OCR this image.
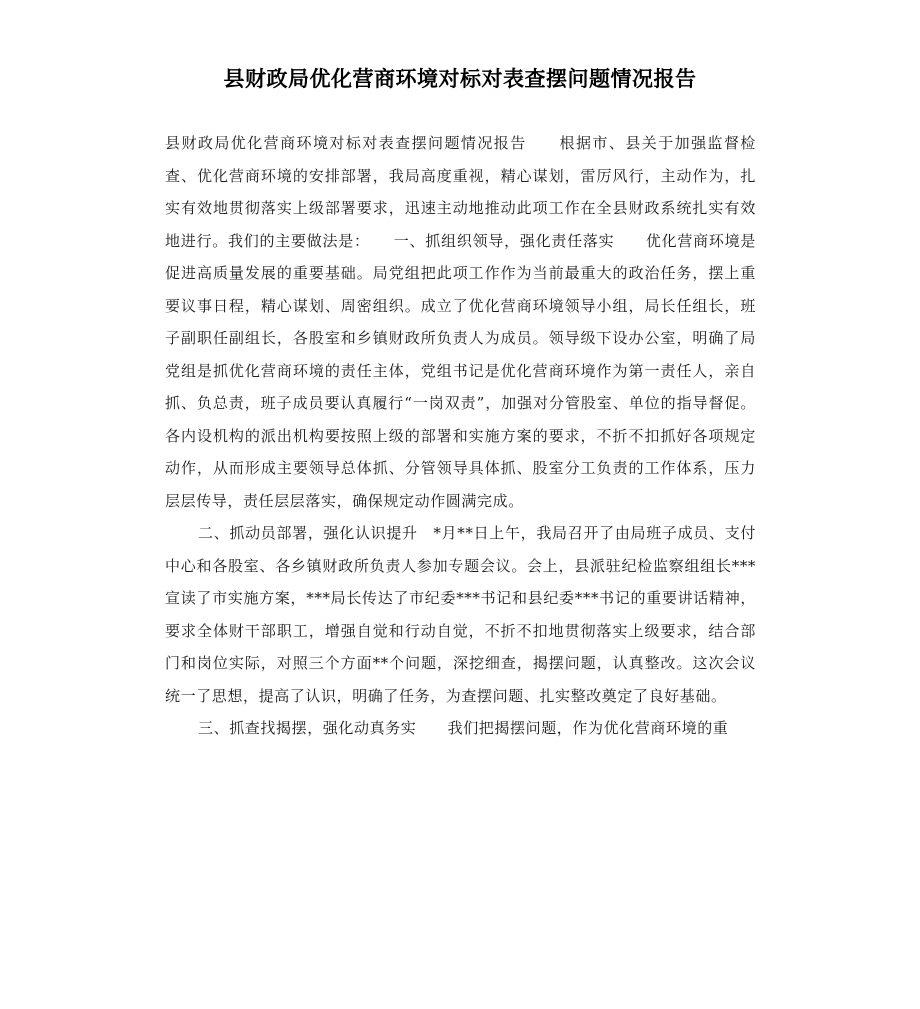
县财政局优化营商环境对标对表查摆问题情况报告

县财政局优化营商环境对标对表查摆问题情况报告　　根据市、县关于加强监督检查、优化营商环境的安排部署，我局高度重视，精心谋划，雷厉风行，主动作为，扎实有效地贯彻落实上级部署要求，迅速主动地推动此项工作在全县财政系统扎实有效地进行。我们的主要做法是：　　一、抓组织领导，强化责任落实　　优化营商环境是促进高质量发展的重要基础。局党组把此项工作作为当前最重大的政治任务，摆上重要议事日程，精心谋划、周密组织。成立了优化营商环境领导小组，局长任组长，班子副职任副组长，各股室和乡镇财政所负责人为成员。领导级下设办公室，明确了局党组是抓优化营商环境的责任主体，党组书记是优化营商环境作为第一责任人，亲自抓、负总责，班子成员要认真履行“一岗双责”，加强对分管股室、单位的指导督促。各内设机构的派出机构要按照上级的部署和实施方案的要求，不折不扣抓好各项规定动作，从而形成主要领导总体抓、分管领导具体抓、股室分工负责的工作体系，压力层层传导，责任层层落实，确保规定动作圆满完成。

二、抓动员部署，强化认识提升　*月**日上午，我局召开了由局班子成员、支付中心和各股室、各乡镇财政所负责人参加专题会议。会上，县派驻纪检监察组组长***宣读了市实施方案，***局长传达了市纪委***书记和县纪委***书记的重要讲话精神，要求全体财干部职工，增强自觉和行动自觉，不折不扣地贯彻落实上级要求，结合部门和岗位实际，对照三个方面**个问题，深挖细查，揭摆问题，认真整改。这次会议统一了思想，提高了认识，明确了任务，为查摆问题、扎实整改奠定了良好基础。

三、抓查找揭摆，强化动真务实　　我们把揭摆问题，作为优化营商环境的重
